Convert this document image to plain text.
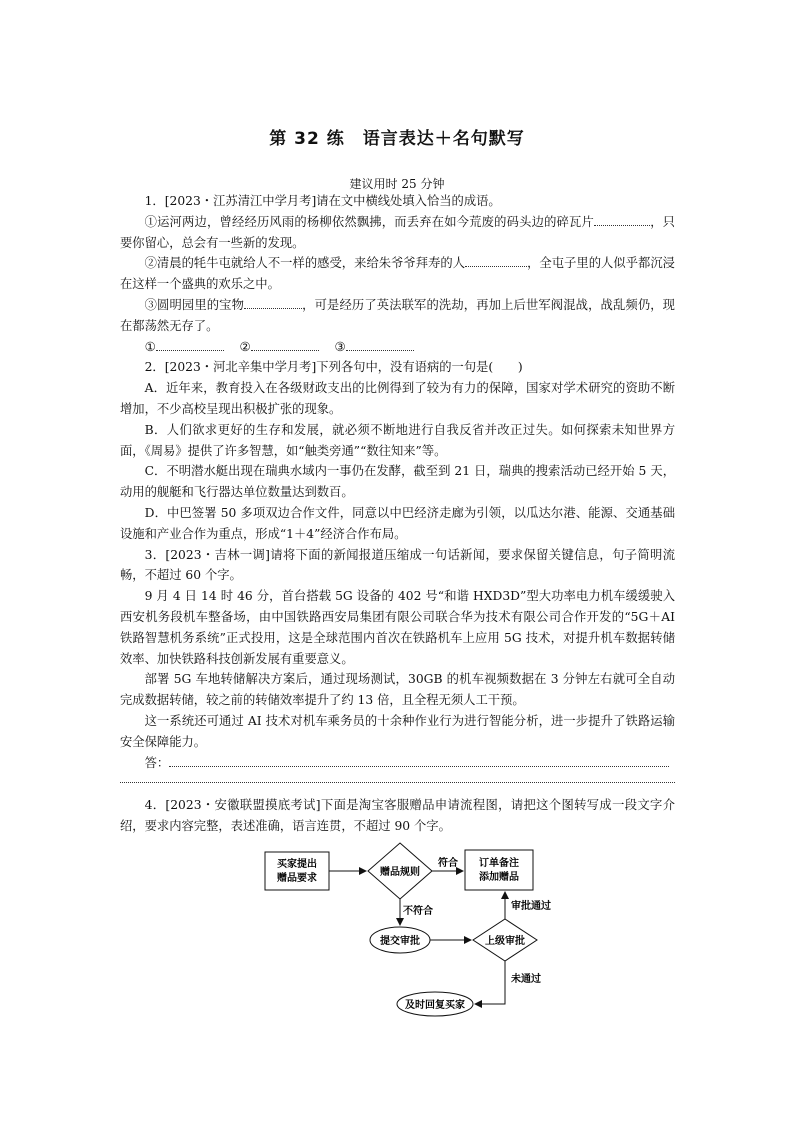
第 32 练　语言表达＋名句默写
建议用时 25 分钟

1．[2023・江苏清江中学月考]请在文中横线处填入恰当的成语。

①运河两边，曾经经历风雨的杨柳依然飘拂，而丢弃在如今荒废的码头边的碎瓦片	，只要你留心，总会有一些新的发现。

②清晨的牦牛屯就给人不一样的感受，来给朱爷爷拜寿的人	，全屯子里的人似乎都沉浸在这样一个盛典的欢乐之中。

③圆明园里的宝物	，可是经历了英法联军的洗劫，再加上后世军阀混战，战乱频仍，现在都荡然无存了。

①	②	③

2．[2023・河北辛集中学月考]下列各句中，没有语病的一句是(　　)

A．近年来，教育投入在各级财政支出的比例得到了较为有力的保障，国家对学术研究的资助不断增加，不少高校呈现出积极扩张的现象。

B．人们欲求更好的生存和发展，就必须不断地进行自我反省并改正过失。如何探索未知世界方面，《周易》提供了许多智慧，如“触类旁通”“数往知来”等。

C．不明潜水艇出现在瑞典水域内一事仍在发酵，截至到 21 日，瑞典的搜索活动已经开始 5 天，动用的舰艇和飞行器达单位数量达到数百。

D．中巴签署 50 多项双边合作文件，同意以中巴经济走廊为引领，以瓜达尔港、能源、交通基础设施和产业合作为重点，形成“1＋4”经济合作布局。

3．[2023・吉林一调]请将下面的新闻报道压缩成一句话新闻，要求保留关键信息，句子简明流畅，不超过 60 个字。

9 月 4 日 14 时 46 分，首台搭载 5G 设备的 402 号“和谐 HXD3D”型大功率电力机车缓缓驶入西安机务段机车整备场，由中国铁路西安局集团有限公司联合华为技术有限公司合作开发的“5G＋AI 铁路智慧机务系统”正式投用，这是全球范围内首次在铁路机车上应用 5G 技术，对提升机车数据转储效率、加快铁路科技创新发展有重要意义。

部署 5G 车地转储解决方案后，通过现场测试，30GB 的机车视频数据在 3 分钟左右就可全自动完成数据转储，较之前的转储效率提升了约 13 倍，且全程无须人工干预。

这一系统还可通过 AI 技术对机车乘务员的十余种作业行为进行智能分析，进一步提升了铁路运输安全保障能力。

答：

4．[2023・安徽联盟摸底考试]下面是淘宝客服赠品申请流程图，请把这个图转写成一段文字介绍，要求内容完整，表述准确，语言连贯，不超过 90 个字。

买家提出
赠品要求
赠品规则
订单备注
添加赠品
提交审批	上级审批
及时回复买家
符合
不符合	审批通过
未通过
